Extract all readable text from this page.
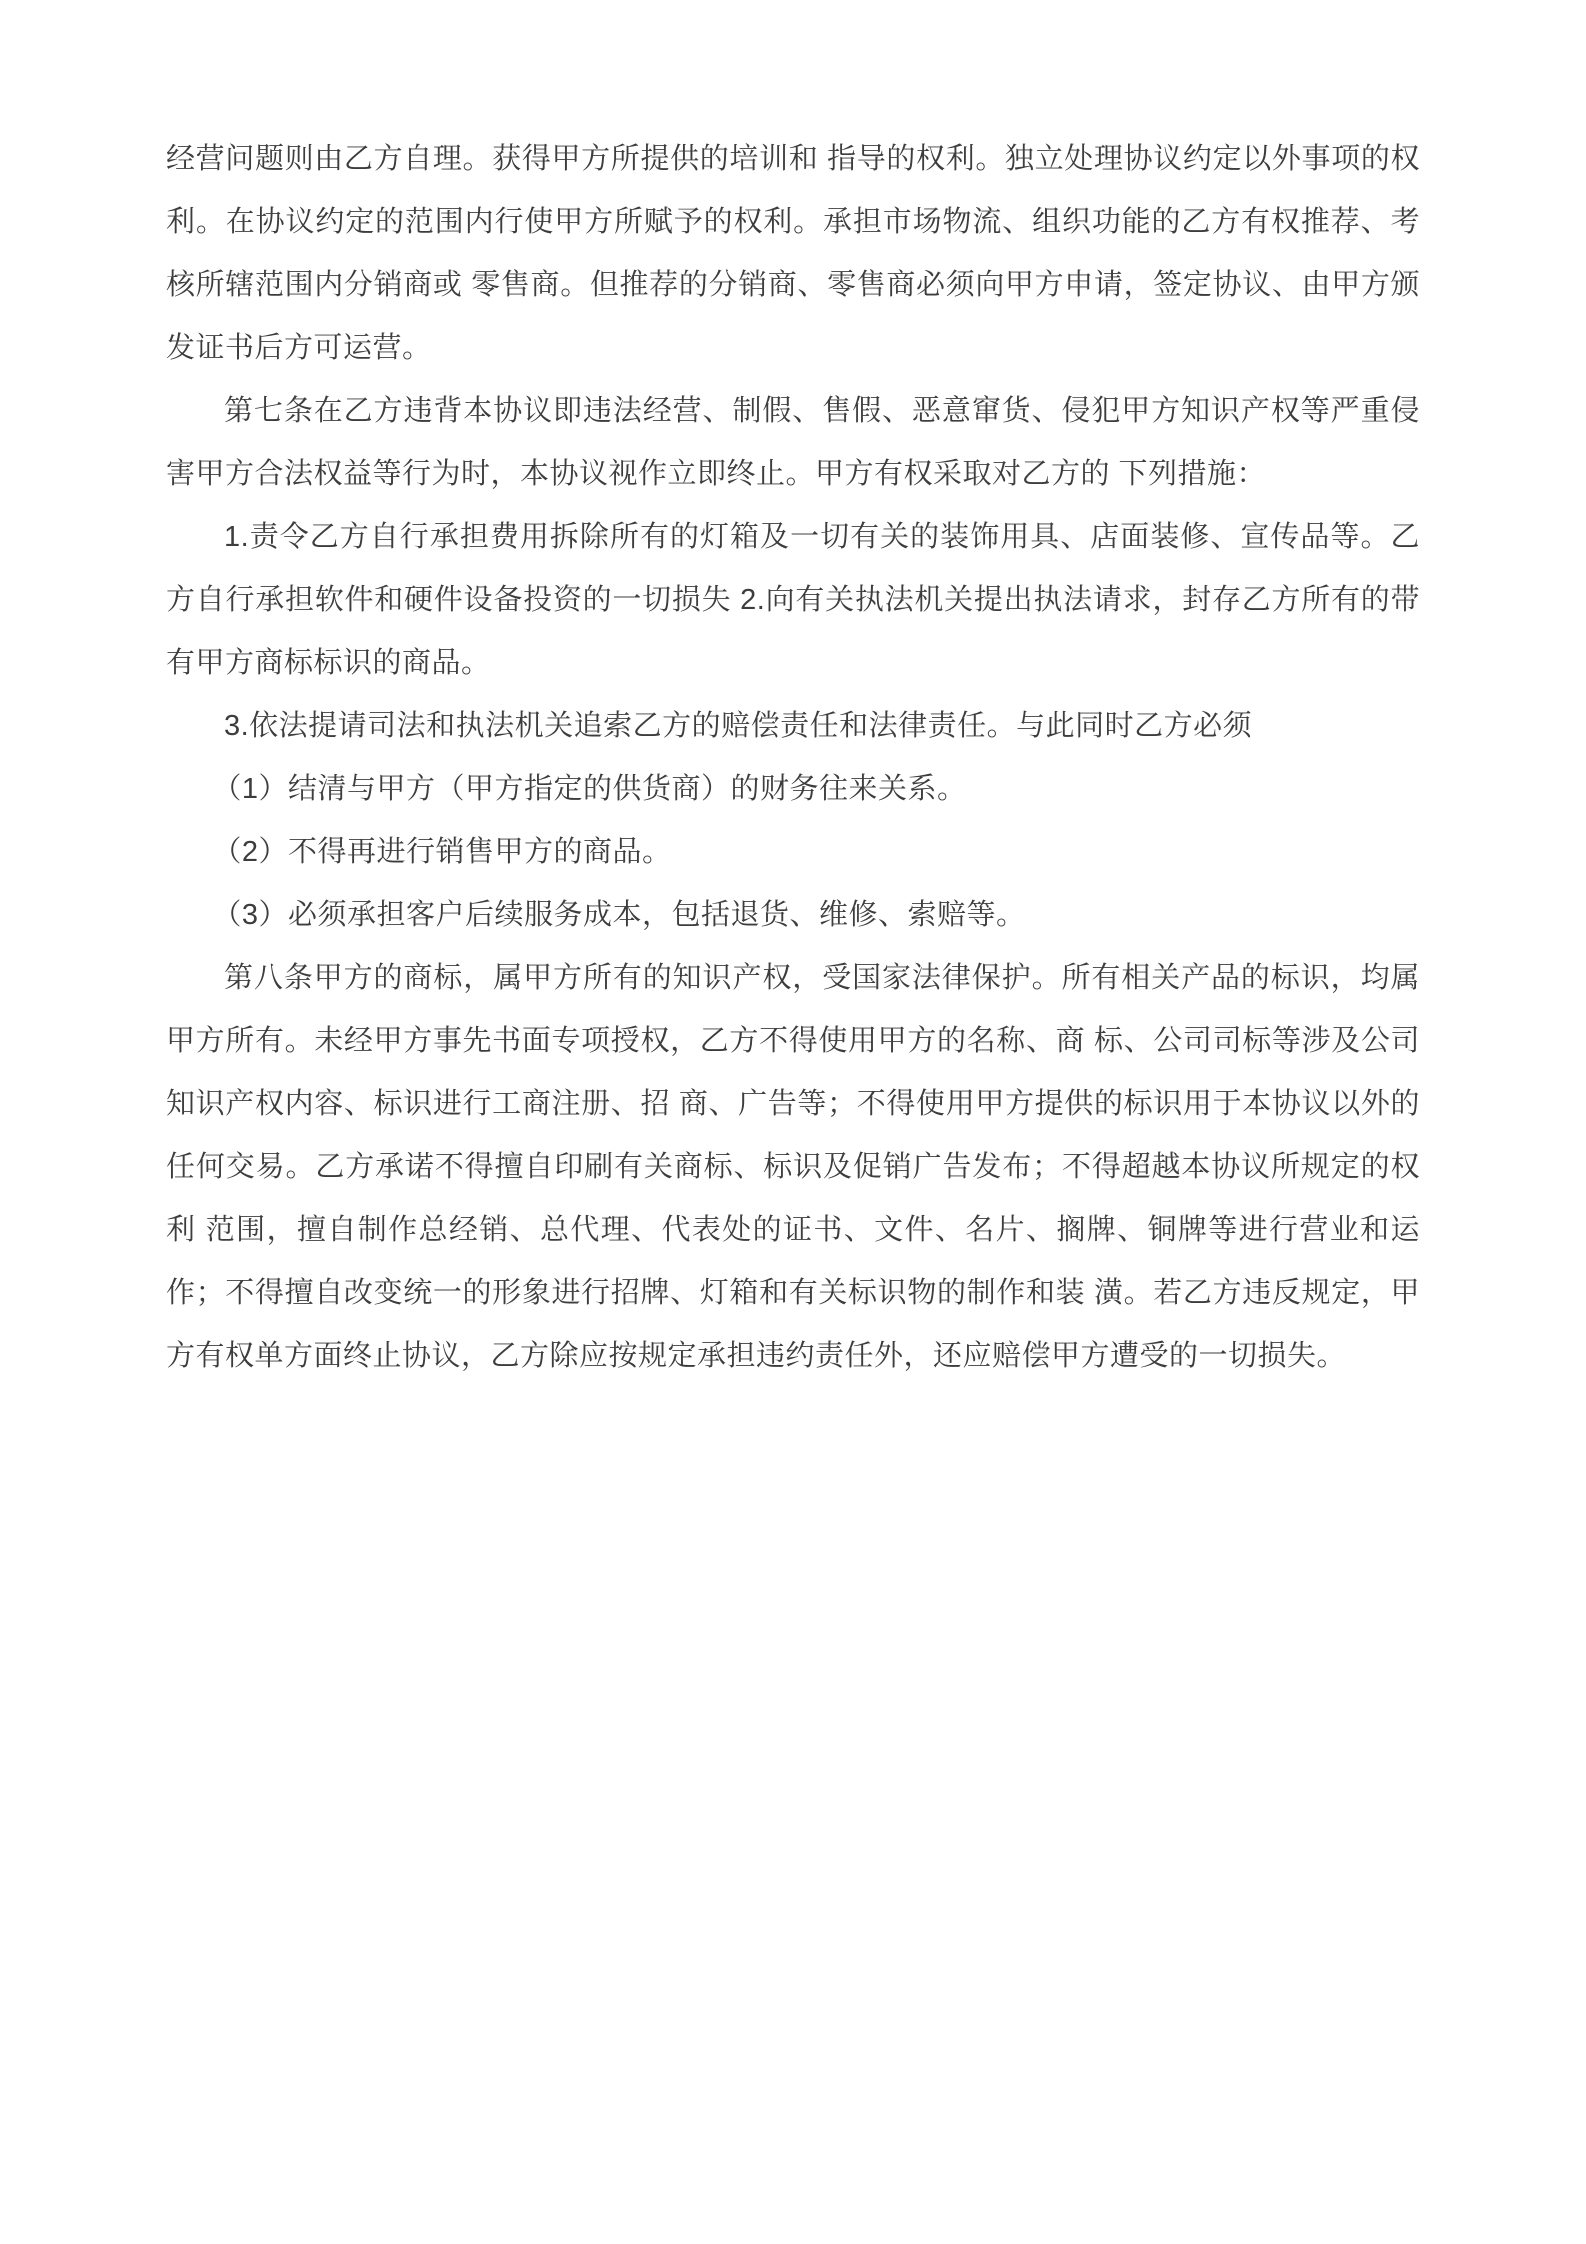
经营问题则由乙方自理。获得甲方所提供的培训和 指导的权利。独立处理协议约定以外事项的权利。在协议约定的范围内行使甲方所赋予的权利。承担市场物流、组织功能的乙方有权推荐、考核所辖范围内分销商或 零售商。但推荐的分销商、零售商必须向甲方申请，签定协议、由甲方颁发证书后方可运营。

第七条在乙方违背本协议即违法经营、制假、售假、恶意窜货、侵犯甲方知识产权等严重侵害甲方合法权益等行为时，本协议视作立即终止。甲方有权采取对乙方的 下列措施：

1.责令乙方自行承担费用拆除所有的灯箱及一切有关的装饰用具、店面装修、宣传品等。乙方自行承担软件和硬件设备投资的一切损失 2.向有关执法机关提出执法请求，封存乙方所有的带有甲方商标标识的商品。

3.依法提请司法和执法机关追索乙方的赔偿责任和法律责任。与此同时乙方必须

（1）结清与甲方（甲方指定的供货商）的财务往来关系。

（2）不得再进行销售甲方的商品。

（3）必须承担客户后续服务成本，包括退货、维修、索赔等。

第八条甲方的商标，属甲方所有的知识产权，受国家法律保护。所有相关产品的标识，均属甲方所有。未经甲方事先书面专项授权，乙方不得使用甲方的名称、商 标、公司司标等涉及公司知识产权内容、标识进行工商注册、招 商、广告等；不得使用甲方提供的标识用于本协议以外的任何交易。乙方承诺不得擅自印刷有关商标、标识及促销广告发布；不得超越本协议所规定的权利 范围，擅自制作总经销、总代理、代表处的证书、文件、名片、搁牌、铜牌等进行营业和运作；不得擅自改变统一的形象进行招牌、灯箱和有关标识物的制作和装 潢。若乙方违反规定，甲方有权单方面终止协议，乙方除应按规定承担违约责任外，还应赔偿甲方遭受的一切损失。
